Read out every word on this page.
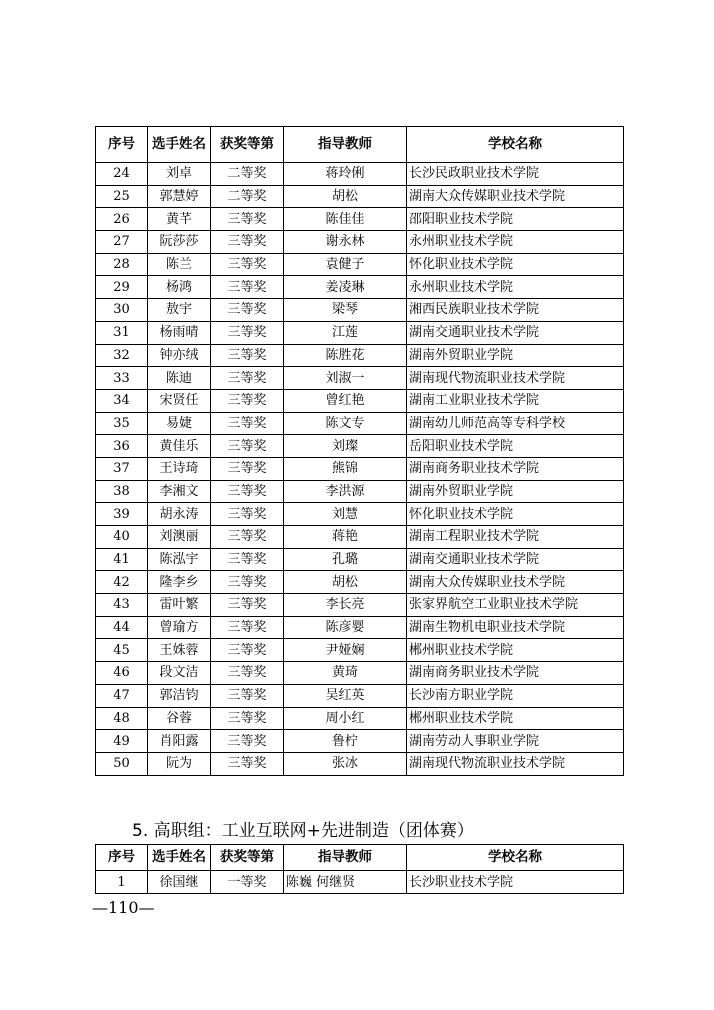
序号	选手姓名	获奖等第	指导教师	学校名称
24	刘卓	二等奖	蒋玲俐	长沙民政职业技术学院
25	郭慧婷	二等奖	胡松	湖南大众传媒职业技术学院
26	黄芊	三等奖	陈佳佳	邵阳职业技术学院
27	阮莎莎	三等奖	谢永林	永州职业技术学院
28	陈兰	三等奖	袁健子	怀化职业技术学院
29	杨鸿	三等奖	姜凌琳	永州职业技术学院
30	敖宇	三等奖	梁琴	湘西民族职业技术学院
31	杨雨晴	三等奖	江莲	湖南交通职业技术学院
32	钟亦绒	三等奖	陈胜花	湖南外贸职业学院
33	陈迪	三等奖	刘淑一	湖南现代物流职业技术学院
34	宋贤任	三等奖	曾红艳	湖南工业职业技术学院
35	易婕	三等奖	陈文专	湖南幼儿师范高等专科学校
36	黄佳乐	三等奖	刘璨	岳阳职业技术学院
37	王诗琦	三等奖	熊锦	湖南商务职业技术学院
38	李湘文	三等奖	李洪源	湖南外贸职业学院
39	胡永涛	三等奖	刘慧	怀化职业技术学院
40	刘澳丽	三等奖	蒋艳	湖南工程职业技术学院
41	陈泓宇	三等奖	孔璐	湖南交通职业技术学院
42	隆李乡	三等奖	胡松	湖南大众传媒职业技术学院
43	雷叶繁	三等奖	李长亮	张家界航空工业职业技术学院
44	曾瑜方	三等奖	陈彦婴	湖南生物机电职业技术学院
45	王姝蓉	三等奖	尹娅娴	郴州职业技术学院
46	段文洁	三等奖	黄琦	湖南商务职业技术学院
47	郭洁钧	三等奖	吴红英	长沙南方职业学院
48	谷蓉	三等奖	周小红	郴州职业技术学院
49	肖阳露	三等奖	鲁柠	湖南劳动人事职业学院
50	阮为	三等奖	张冰	湖南现代物流职业技术学院
5. 高职组：工业互联网+先进制造（团体赛）
序号	选手姓名	获奖等第	指导教师	学校名称
1	徐国继	一等奖	陈巍 何继贤	长沙职业技术学院
—110—
